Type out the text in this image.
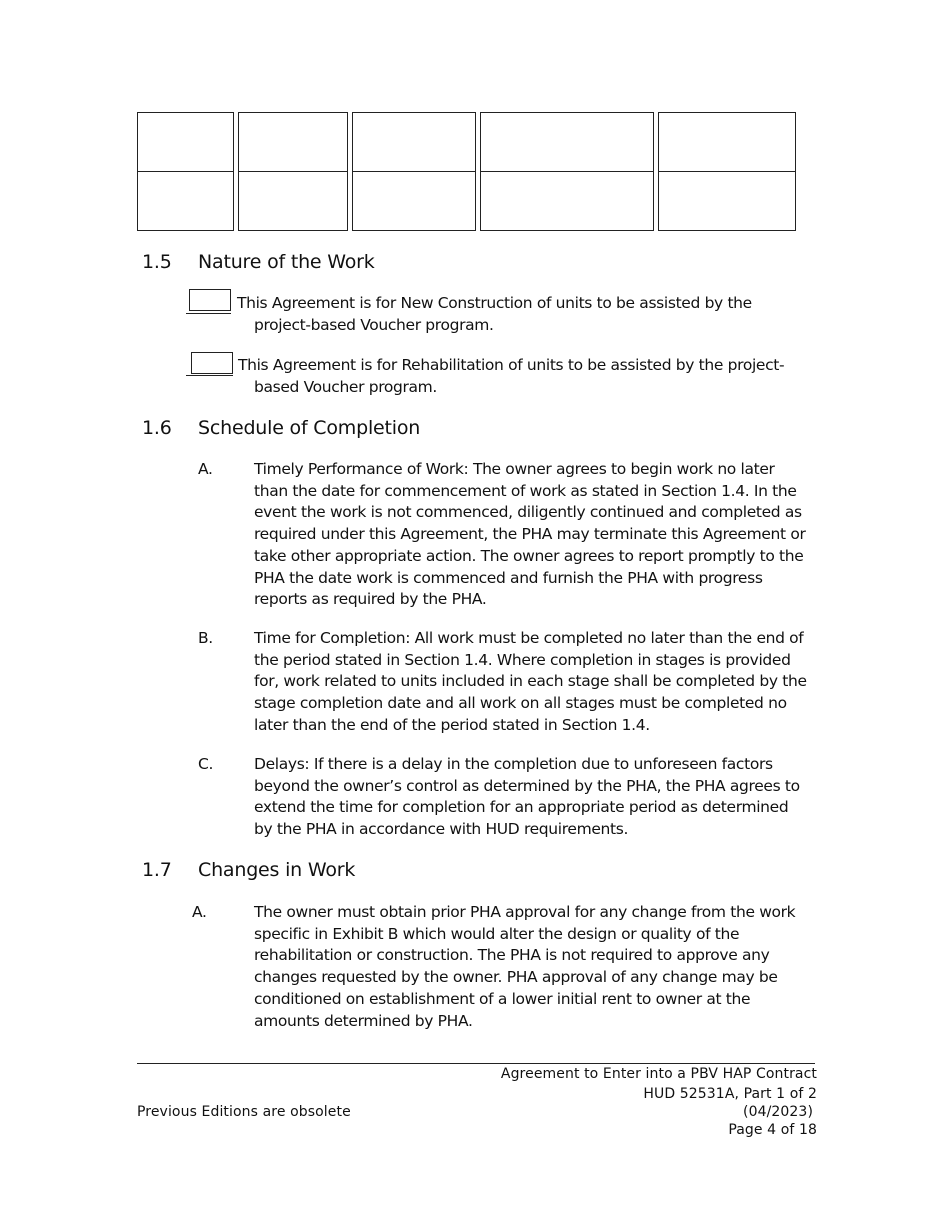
1.5 Nature of the Work
This Agreement is for New Construction of units to be assisted by the
project-based Voucher program.
This Agreement is for Rehabilitation of units to be assisted by the project-
based Voucher program.
1.6 Schedule of Completion
A.	Timely Performance of Work: The owner agrees to begin work no later than the date for commencement of work as stated in Section 1.4. In the event the work is not commenced, diligently continued and completed as required under this Agreement, the PHA may terminate this Agreement or take other appropriate action. The owner agrees to report promptly to the PHA the date work is commenced and furnish the PHA with progress reports as required by the PHA.
B.	Time for Completion: All work must be completed no later than the end of the period stated in Section 1.4. Where completion in stages is provided for, work related to units included in each stage shall be completed by the stage completion date and all work on all stages must be completed no later than the end of the period stated in Section 1.4.
C.	Delays: If there is a delay in the completion due to unforeseen factors beyond the owner’s control as determined by the PHA, the PHA agrees to extend the time for completion for an appropriate period as determined by the PHA in accordance with HUD requirements.
1.7 Changes in Work
A.	The owner must obtain prior PHA approval for any change from the work specific in Exhibit B which would alter the design or quality of the rehabilitation or construction. The PHA is not required to approve any changes requested by the owner. PHA approval of any change may be conditioned on establishment of a lower initial rent to owner at the amounts determined by PHA.
Agreement to Enter into a PBV HAP Contract
HUD 52531A, Part 1 of 2
Previous Editions are obsolete	(04/2023)
Page 4 of 18
